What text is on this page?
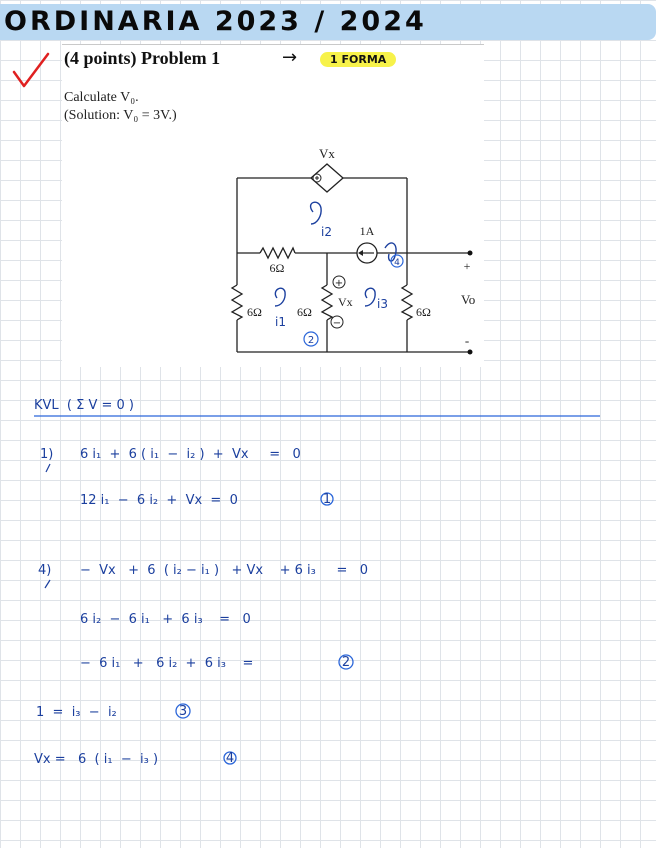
ORDINARIA 2023 / 2024
(4 points) Problem 1	→	1 FORMA
Calculate V₀.
(Solution: V₀ = 3V.)
Vx
6Ω
1A
6Ω	6Ω
Vx
6Ω
+
-
Vo
i2
i1
i3
2
4
+
−
KVL  ( Σ V = 0 )
1) 6 i₁  +  6 ( i₁  −  i₂ )  +  Vx     =   0
12 i₁  −  6 i₂  +  Vx  =  0	1
4) −  Vx   +  6  ( i₂ − i₁ )   + Vx    + 6 i₃     =   0
6 i₂  −  6 i₁   +  6 i₃    =   0
−  6 i₁   +   6 i₂  +  6 i₃    =	2
1  =  i₃  −  i₂	3
Vx =   6  ( i₁  −  i₃ )	4
